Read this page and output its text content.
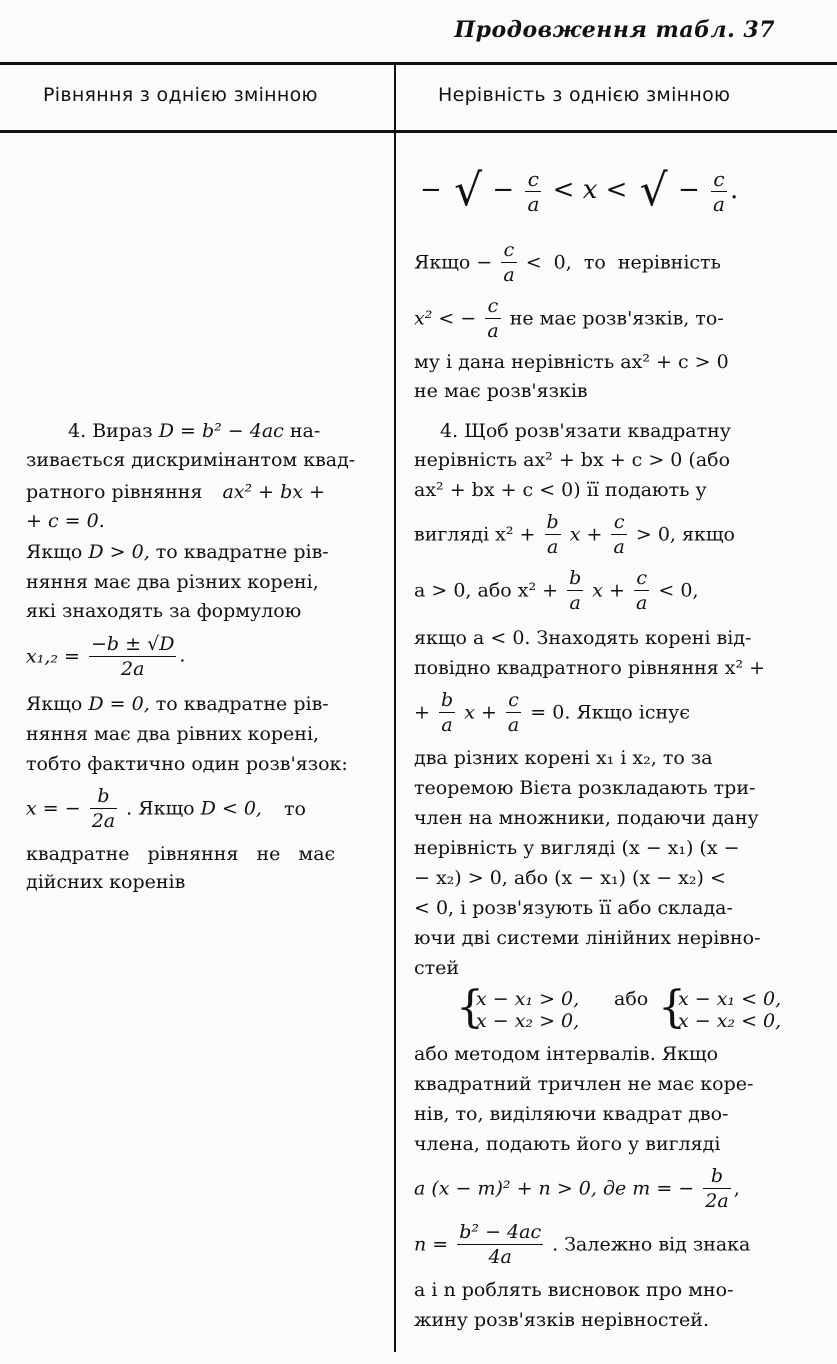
Продовження табл. 37
Рівняння з однією змінною	Нерівність з однією змінною
4. Вираз D = b² − 4ac на-
зивається дискримінантом квад-
ратного рівняння ax² + bx +
+ c = 0.
Якщо D > 0, то квадратне рів-
няння має два різних корені,
які знаходять за формулою
$x_1,_2 = \frac{-b \pm √D}{2a}$ .
Якщо D = 0, то квадратне рів-
няння має два рівних корені,
тобто фактично один розв'язок:
x = − $\frac{b}{2a}$ . Якщо D < 0, то
квадратне рівняння не має
дійсних коренів
− √ − $\frac{c}{a} < x$ < √ − $\frac{c}{a}$ .
Якщо − $\frac{c}{a} < 0$, то нерівність
x² < − $\frac{c}{a}$ не має розв'язків, то-
му і дана нерівність ax² + c > 0
не має розв'язків
4. Щоб розв'язати квадратну
нерівність ax² + bx + c > 0 (або
ax² + bx + c < 0) її подають у
вигляді $x^2 + \frac{b}{a}$ $x + \frac{c}{a} > 0$, якщо
a > 0, або $x^2 + \frac{b}{a}$ $x + \frac{c}{a} < 0$,
якщо a < 0. Знаходять корені від-
повідно квадратного рівняння x² +
+ $\frac{b}{a}$ $x + \frac{c}{a} = 0$. Якщо існує
два різних корені x₁ і x₂, то за
теоремою Вієта розкладають три-
член на множники, подаючи дану
нерівність у вигляді (x − x₁) (x −
− x₂) > 0, або (x − x₁) (x − x₂) <
< 0, і розв'язують її або склада-
ючи дві системи лінійних нерівно-
стей
{
x − x₁ > 0,
x − x₂ > 0,
або {
x − x₁ < 0,
x − x₂ < 0,
або методом інтервалів. Якщо
квадратний тричлен не має коре-
нів, то, виділяючи квадрат дво-
члена, подають його у вигляді
a (x − m)² + n > 0, де m = − $\frac{b}{2a}$ ,
$n = \frac{\text{b² − 4ac}}{4a}$ . Залежно від знака
a і n роблять висновок про мно-
жину розв'язків нерівностей.
